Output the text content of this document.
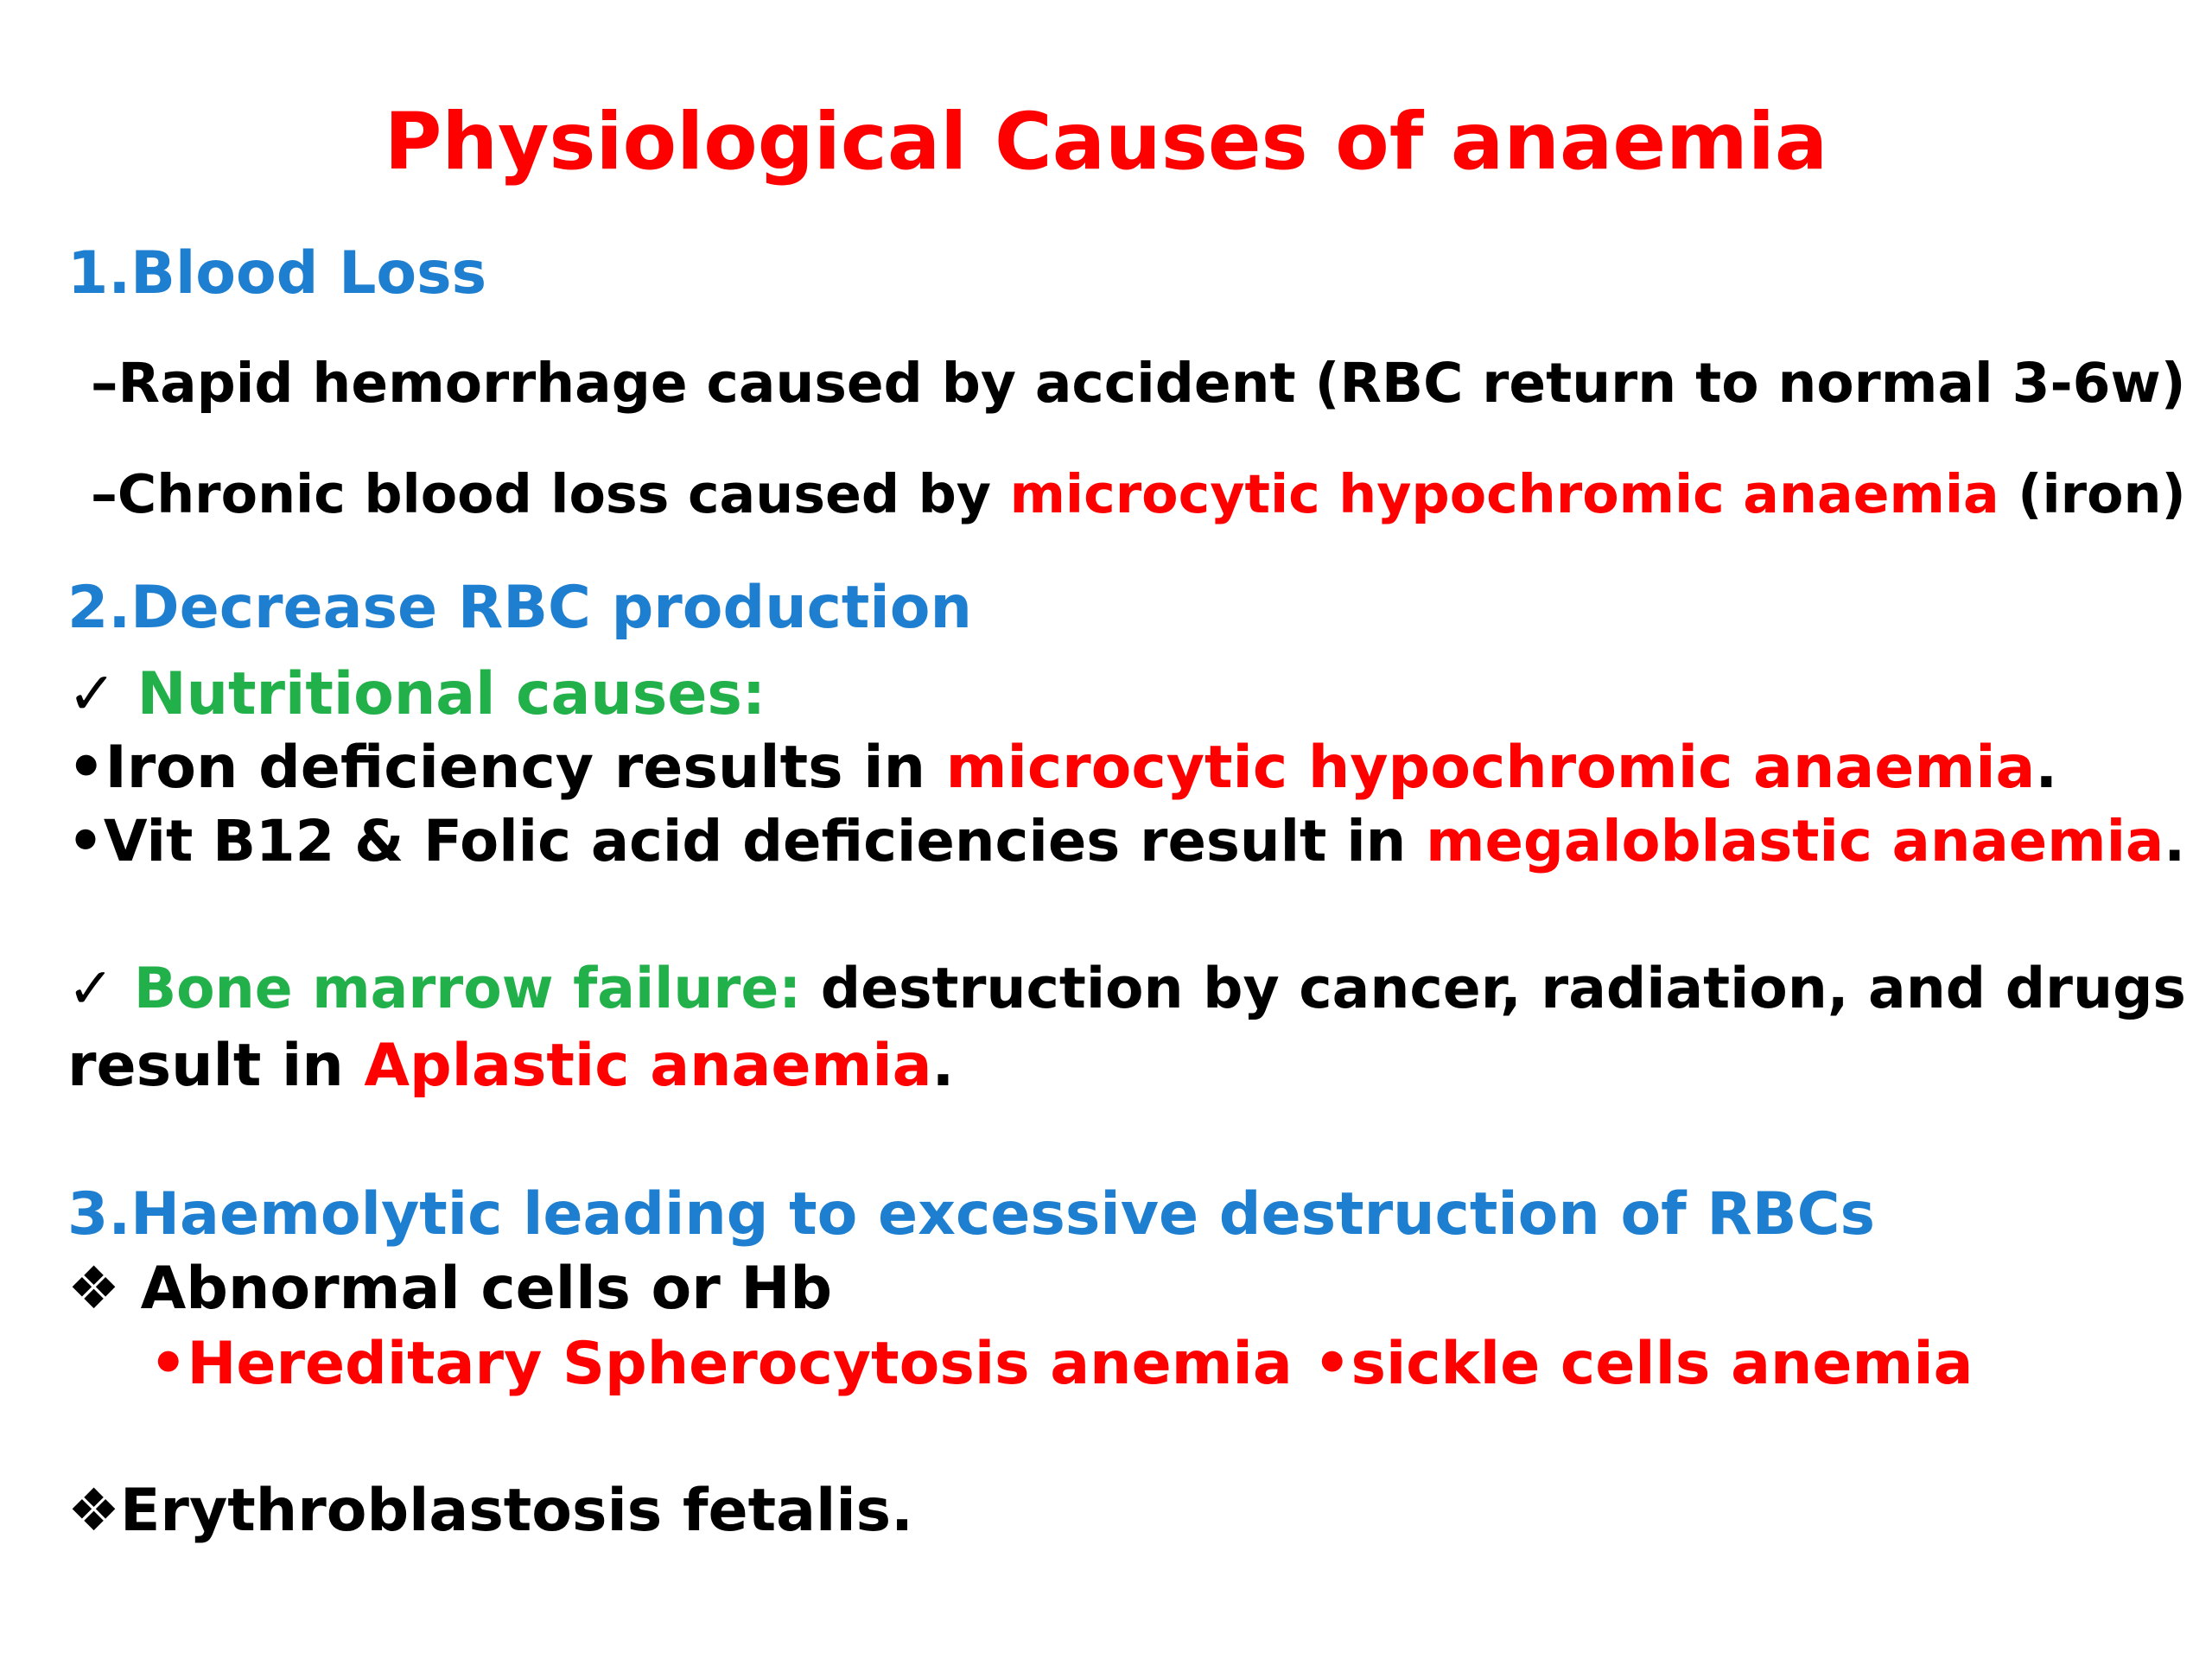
Physiological Causes of anaemia
1.Blood Loss
–Rapid hemorrhage caused by accident (RBC return to normal 3-6w)
–Chronic blood loss caused by microcytic hypochromic anaemia (iron)
2.Decrease RBC production
✓ Nutritional causes:
•Iron deficiency results in microcytic hypochromic anaemia.
•Vit B12 & Folic acid deficiencies result in megaloblastic anaemia.
✓ Bone marrow failure: destruction by cancer, radiation, and drugs
result in Aplastic anaemia.
3.Haemolytic leading to excessive destruction of RBCs
❖ Abnormal cells or Hb
•Hereditary Spherocytosis anemia •sickle cells anemia
❖Erythroblastosis fetalis.
